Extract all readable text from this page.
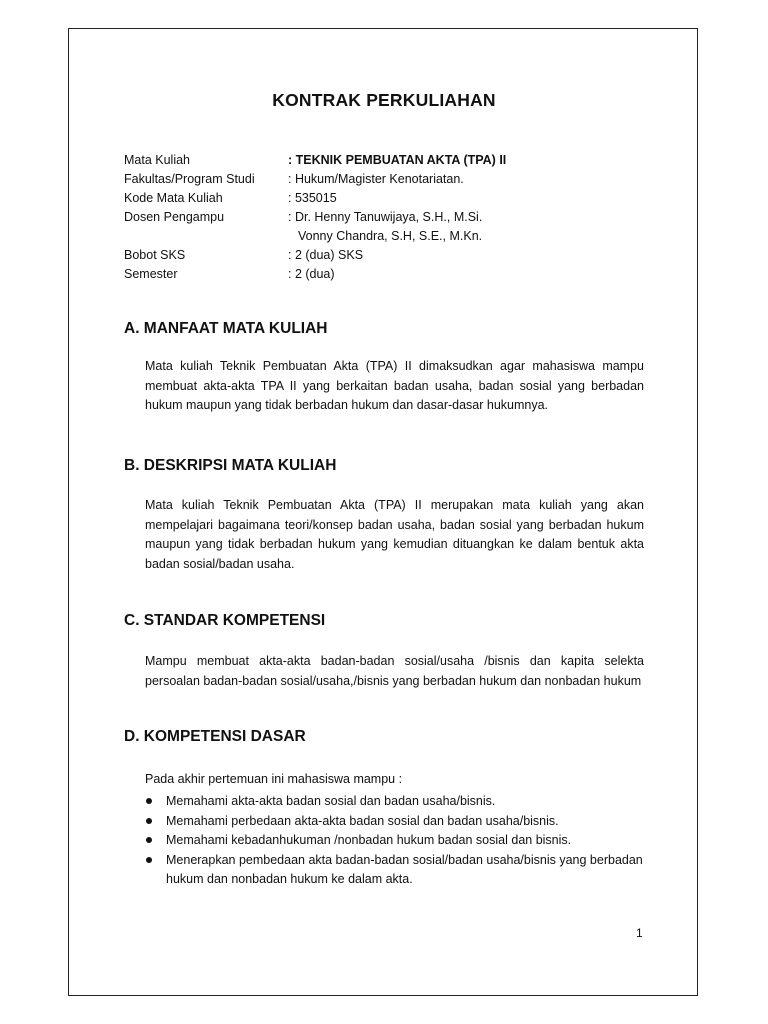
KONTRAK PERKULIAHAN
Mata Kuliah	: TEKNIK PEMBUATAN AKTA (TPA) II
Fakultas/Program Studi	: Hukum/Magister Kenotariatan.
Kode Mata Kuliah	: 535015
Dosen Pengampu	: Dr. Henny Tanuwijaya, S.H., M.Si.
Vonny Chandra, S.H, S.E., M.Kn.
Bobot SKS	: 2 (dua) SKS
Semester	: 2 (dua)
A. MANFAAT MATA KULIAH
Mata kuliah Teknik Pembuatan Akta (TPA) II dimaksudkan agar mahasiswa mampu membuat akta-akta TPA II yang berkaitan badan usaha, badan sosial yang berbadan hukum maupun yang tidak berbadan hukum dan dasar-dasar hukumnya.
B. DESKRIPSI MATA KULIAH
Mata kuliah Teknik Pembuatan Akta (TPA) II merupakan mata kuliah yang akan mempelajari bagaimana teori/konsep badan usaha, badan sosial yang berbadan hukum maupun yang tidak berbadan hukum yang kemudian dituangkan ke dalam bentuk akta badan sosial/badan usaha.
C. STANDAR KOMPETENSI
Mampu membuat akta-akta badan-badan sosial/usaha /bisnis dan kapita selekta persoalan badan-badan sosial/usaha,/bisnis yang berbadan hukum dan nonbadan hukum
D. KOMPETENSI DASAR
Pada akhir pertemuan ini mahasiswa mampu :
Memahami akta-akta badan sosial dan badan usaha/bisnis.
Memahami perbedaan akta-akta badan sosial dan badan usaha/bisnis.
Memahami kebadanhukuman /nonbadan hukum badan sosial dan bisnis.
Menerapkan pembedaan akta badan-badan sosial/badan usaha/bisnis yang berbadan hukum dan nonbadan hukum ke dalam akta.
1
